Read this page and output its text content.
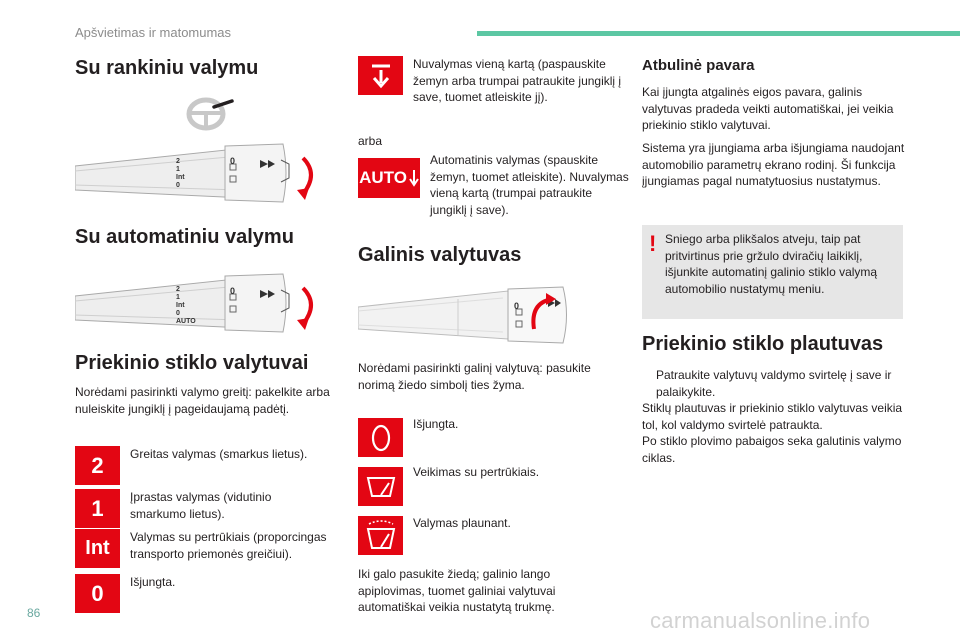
Apšvietimas ir matomumas
Su rankiniu valymu
2
1
Int
0
0
Su automatiniu valymu
2
1
Int
0
AUTO
0
Priekinio stiklo valytuvai
Norėdami pasirinkti valymo greitį: pakelkite arba nuleiskite jungiklį į pageidaujamą padėtį.
2	Greitas valymas (smarkus lietus).
1	Įprastas valymas (vidutinio smarkumo lietus).
Int	Valymas su pertrūkiais (proporcingas transporto priemonės greičiui).
0	Išjungta.
Nuvalymas vieną kartą (paspauskite žemyn arba trumpai patraukite jungiklį į save, tuomet atleiskite jį).
arba
AUTO
Automatinis valymas (spauskite žemyn, tuomet atleiskite). Nuvalymas vieną kartą (trumpai patraukite jungiklį į save).
Galinis valytuvas
0
Norėdami pasirinkti galinį valytuvą: pasukite norimą žiedo simbolį ties žyma.
Išjungta.
Veikimas su pertrūkiais.
Valymas plaunant.
Iki galo pasukite žiedą; galinio lango apiplovimas, tuomet galiniai valytuvai automatiškai veikia nustatytą trukmę.
Atbulinė pavara
Kai įjungta atgalinės eigos pavara, galinis valytuvas pradeda veikti automatiškai, jei veikia priekinio stiklo valytuvai.
Sistema yra įjungiama arba išjungiama naudojant automobilio parametrų ekrano rodinį. Ši funkcija įjungiamas pagal numatytuosius nustatymus.
! Sniego arba plikšalos atveju, taip pat pritvirtinus prie gržulo dviračių laikiklį, išjunkite automatinį galinio stiklo valymą automobilio nustatymų meniu.
Priekinio stiklo plautuvas
Patraukite valytuvų valdymo svirtelę į save ir palaikykite.
Stiklų plautuvas ir priekinio stiklo valytuvas veikia tol, kol valdymo svirtelė patraukta.
Po stiklo plovimo pabaigos seka galutinis valymo ciklas.
86	carmanualsonline.info
